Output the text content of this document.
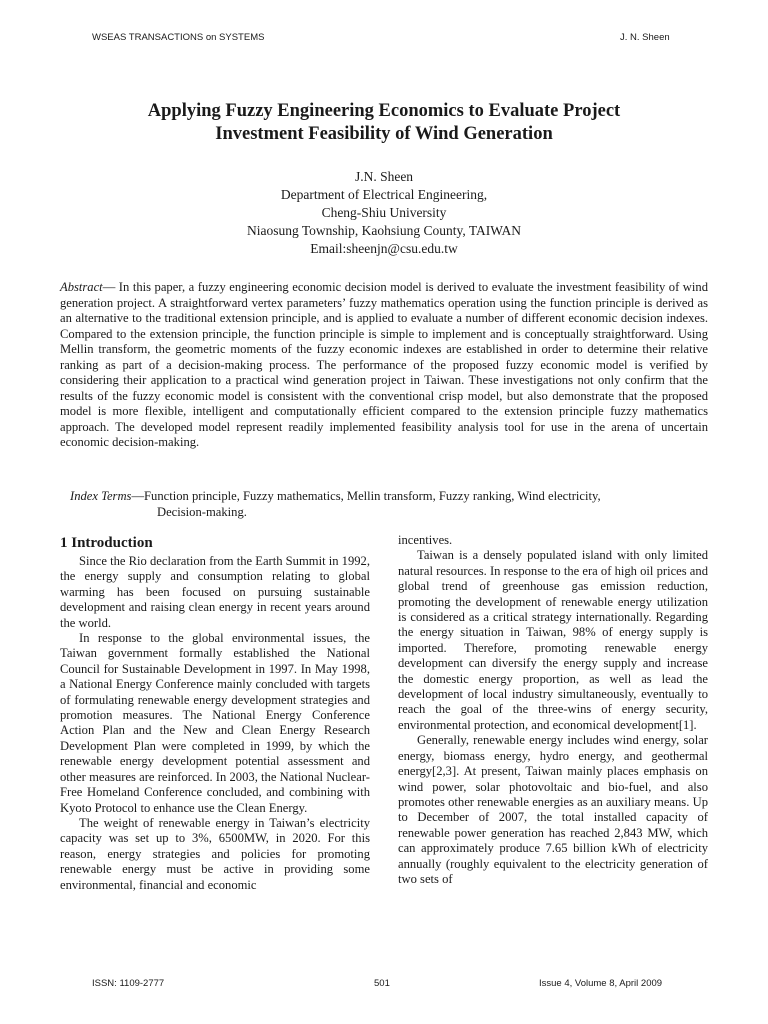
WSEAS TRANSACTIONS on SYSTEMS	J. N. Sheen
Applying Fuzzy Engineering Economics to Evaluate Project
Investment Feasibility of Wind Generation
J.N. Sheen
Department of Electrical Engineering,
Cheng-Shiu University
Niaosung Township, Kaohsiung County, TAIWAN
Email:sheenjn@csu.edu.tw
Abstract— In this paper, a fuzzy engineering economic decision model is derived to evaluate the investment feasibility of wind generation project. A straightforward vertex parameters’ fuzzy mathematics operation using the function principle is derived as an alternative to the traditional extension principle, and is applied to evaluate a number of different economic decision indexes. Compared to the extension principle, the function principle is simple to implement and is conceptually straightforward. Using Mellin transform, the geometric moments of the fuzzy economic indexes are established in order to determine their relative ranking as part of a decision-making process. The performance of the proposed fuzzy economic model is verified by considering their application to a practical wind generation project in Taiwan. These investigations not only confirm that the results of the fuzzy economic model is consistent with the conventional crisp model, but also demonstrate that the proposed model is more flexible, intelligent and computationally efficient compared to the extension principle fuzzy mathematics approach. The developed model represent readily implemented feasibility analysis tool for use in the arena of uncertain economic decision-making.
Index Terms—Function principle, Fuzzy mathematics, Mellin transform, Fuzzy ranking, Wind electricity,
Decision-making.
1 Introduction

Since the Rio declaration from the Earth Summit in 1992, the energy supply and consumption relating to global warming has been focused on pursuing sustainable development and raising clean energy in recent years around the world.

In response to the global environmental issues, the Taiwan government formally established the National Council for Sustainable Development in 1997. In May 1998, a National Energy Conference mainly concluded with targets of formulating renewable energy development strategies and promotion measures. The National Energy Conference Action Plan and the New and Clean Energy Research Development Plan were completed in 1999, by which the renewable energy development potential assessment and other measures are reinforced. In 2003, the National Nuclear-Free Homeland Conference concluded, and combining with Kyoto Protocol to enhance use the Clean Energy.

The weight of renewable energy in Taiwan’s electricity capacity was set up to 3%, 6500MW, in 2020. For this reason, energy strategies and policies for promoting renewable energy must be active in providing some environmental, financial and economic

incentives.

Taiwan is a densely populated island with only limited natural resources. In response to the era of high oil prices and global trend of greenhouse gas emission reduction, promoting the development of renewable energy utilization is considered as a critical strategy internationally. Regarding the energy situation in Taiwan, 98% of energy supply is imported. Therefore, promoting renewable energy development can diversify the energy supply and increase the domestic energy proportion, as well as lead the development of local industry simultaneously, eventually to reach the goal of the three-wins of energy security, environmental protection, and economical development[1].

Generally, renewable energy includes wind energy, solar energy, biomass energy, hydro energy, and geothermal energy[2,3]. At present, Taiwan mainly places emphasis on wind power, solar photovoltaic and bio-fuel, and also promotes other renewable energies as an auxiliary means. Up to December of 2007, the total installed capacity of renewable power generation has reached 2,843 MW, which can approximately produce 7.65 billion kWh of electricity annually (roughly equivalent to the electricity generation of two sets of

ISSN: 1109-2777	501	Issue 4, Volume 8, April 2009
